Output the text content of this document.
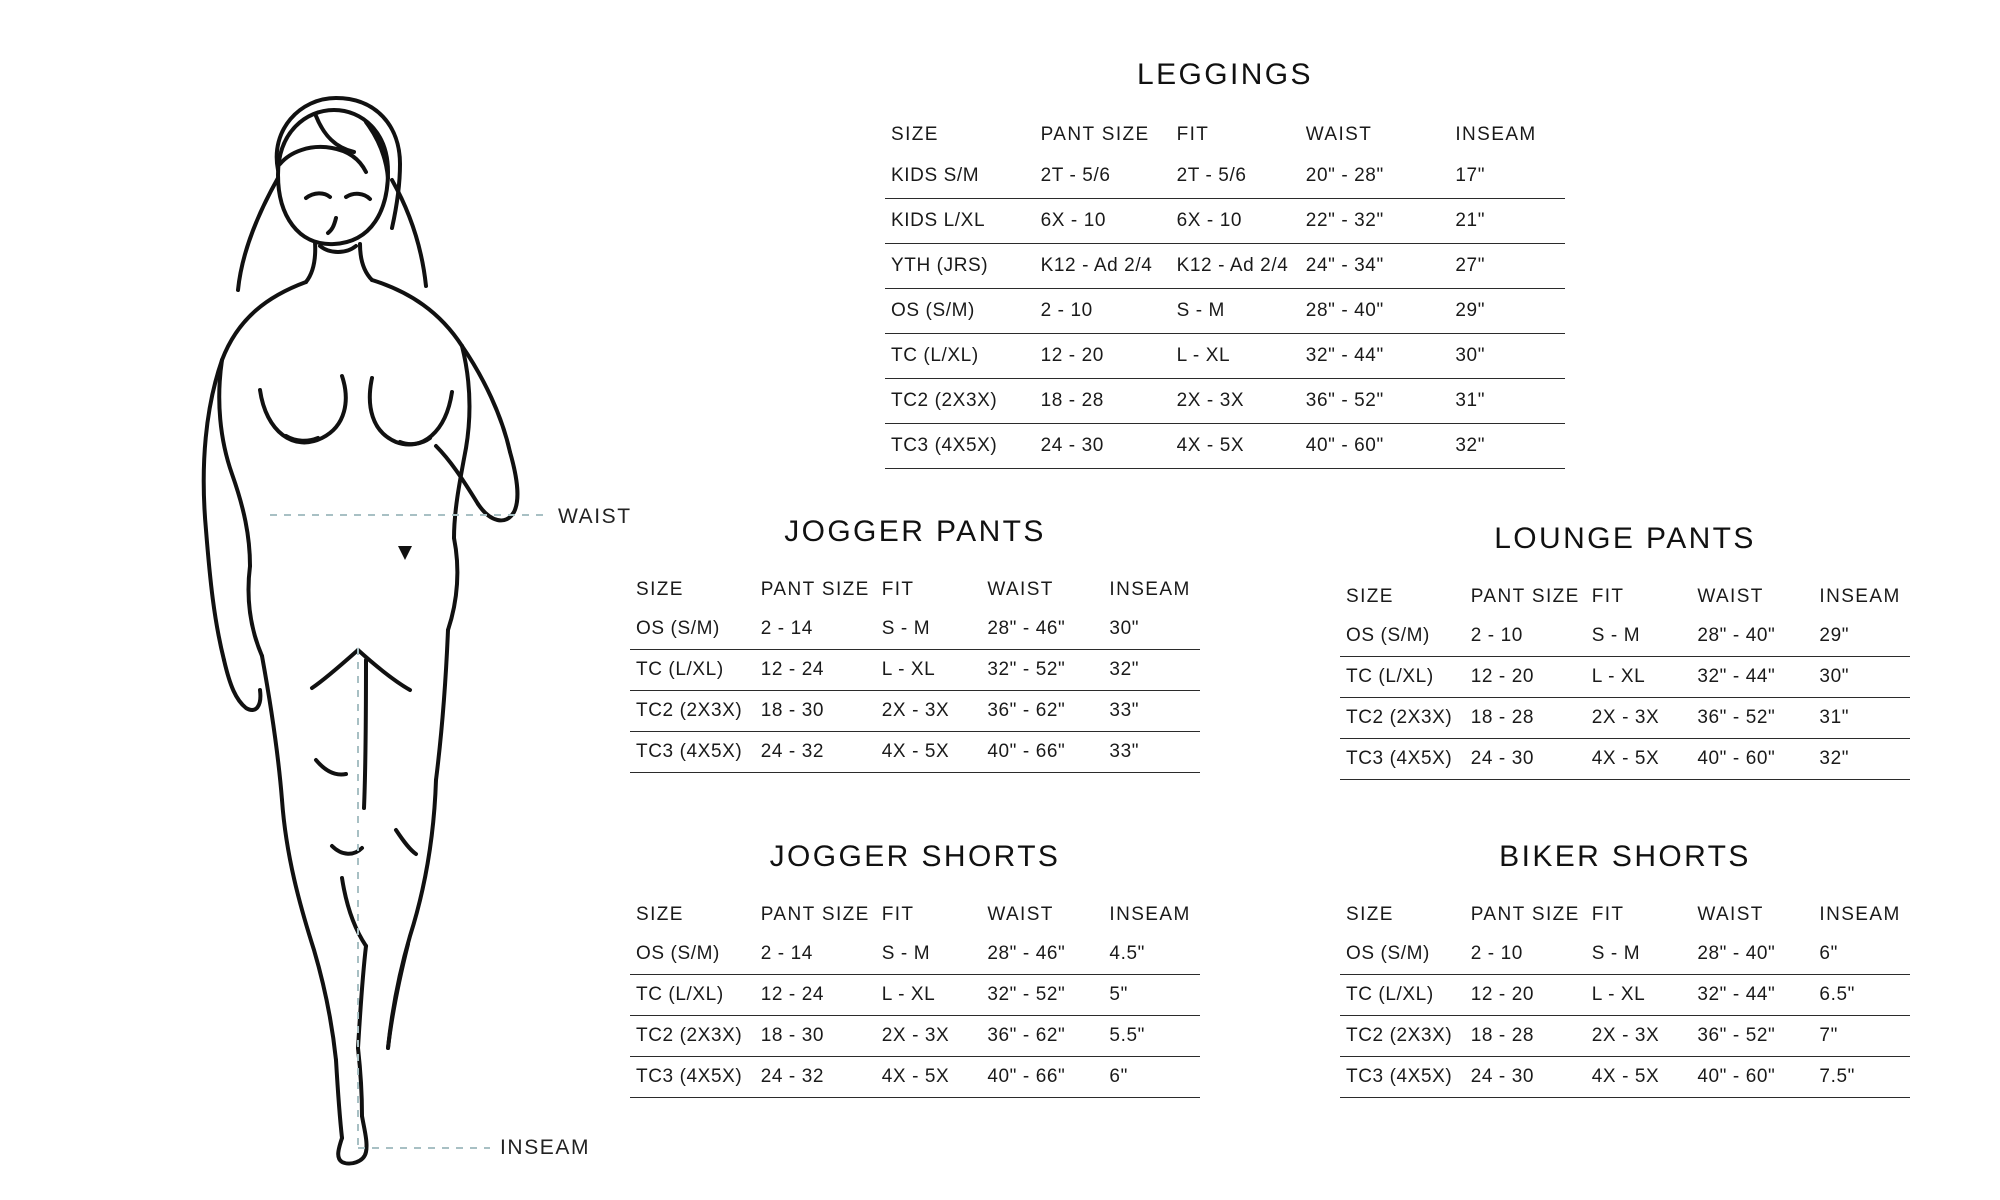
WAIST
INSEAM
LEGGINGS
SIZE	PANT SIZE	FIT	WAIST	INSEAM
KIDS S/M	2T - 5/6	2T - 5/6	20" - 28"	17"
KIDS L/XL	6X - 10	6X - 10	22" - 32"	21"
YTH (JRS)	K12 - Ad 2/4	K12 - Ad 2/4	24" - 34"	27"
OS (S/M)	2 - 10	S - M	28" - 40"	29"
TC (L/XL)	12 - 20	L - XL	32" - 44"	30"
TC2 (2X3X)	18 - 28	2X - 3X	36" - 52"	31"
TC3 (4X5X)	24 - 30	4X - 5X	40" - 60"	32"
JOGGER PANTS
SIZE	PANT SIZE	FIT	WAIST	INSEAM
OS (S/M)	2 - 14	S - M	28" - 46"	30"
TC (L/XL)	12 - 24	L - XL	32" - 52"	32"
TC2 (2X3X)	18 - 30	2X - 3X	36" - 62"	33"
TC3 (4X5X)	24 - 32	4X - 5X	40" - 66"	33"
LOUNGE PANTS
SIZE	PANT SIZE	FIT	WAIST	INSEAM
OS (S/M)	2 - 10	S - M	28" - 40"	29"
TC (L/XL)	12 - 20	L - XL	32" - 44"	30"
TC2 (2X3X)	18 - 28	2X - 3X	36" - 52"	31"
TC3 (4X5X)	24 - 30	4X - 5X	40" - 60"	32"
JOGGER SHORTS
SIZE	PANT SIZE	FIT	WAIST	INSEAM
OS (S/M)	2 - 14	S - M	28" - 46"	4.5"
TC (L/XL)	12 - 24	L - XL	32" - 52"	5"
TC2 (2X3X)	18 - 30	2X - 3X	36" - 62"	5.5"
TC3 (4X5X)	24 - 32	4X - 5X	40" - 66"	6"
BIKER SHORTS
SIZE	PANT SIZE	FIT	WAIST	INSEAM
OS (S/M)	2 - 10	S - M	28" - 40"	6"
TC (L/XL)	12 - 20	L - XL	32" - 44"	6.5"
TC2 (2X3X)	18 - 28	2X - 3X	36" - 52"	7"
TC3 (4X5X)	24 - 30	4X - 5X	40" - 60"	7.5"
